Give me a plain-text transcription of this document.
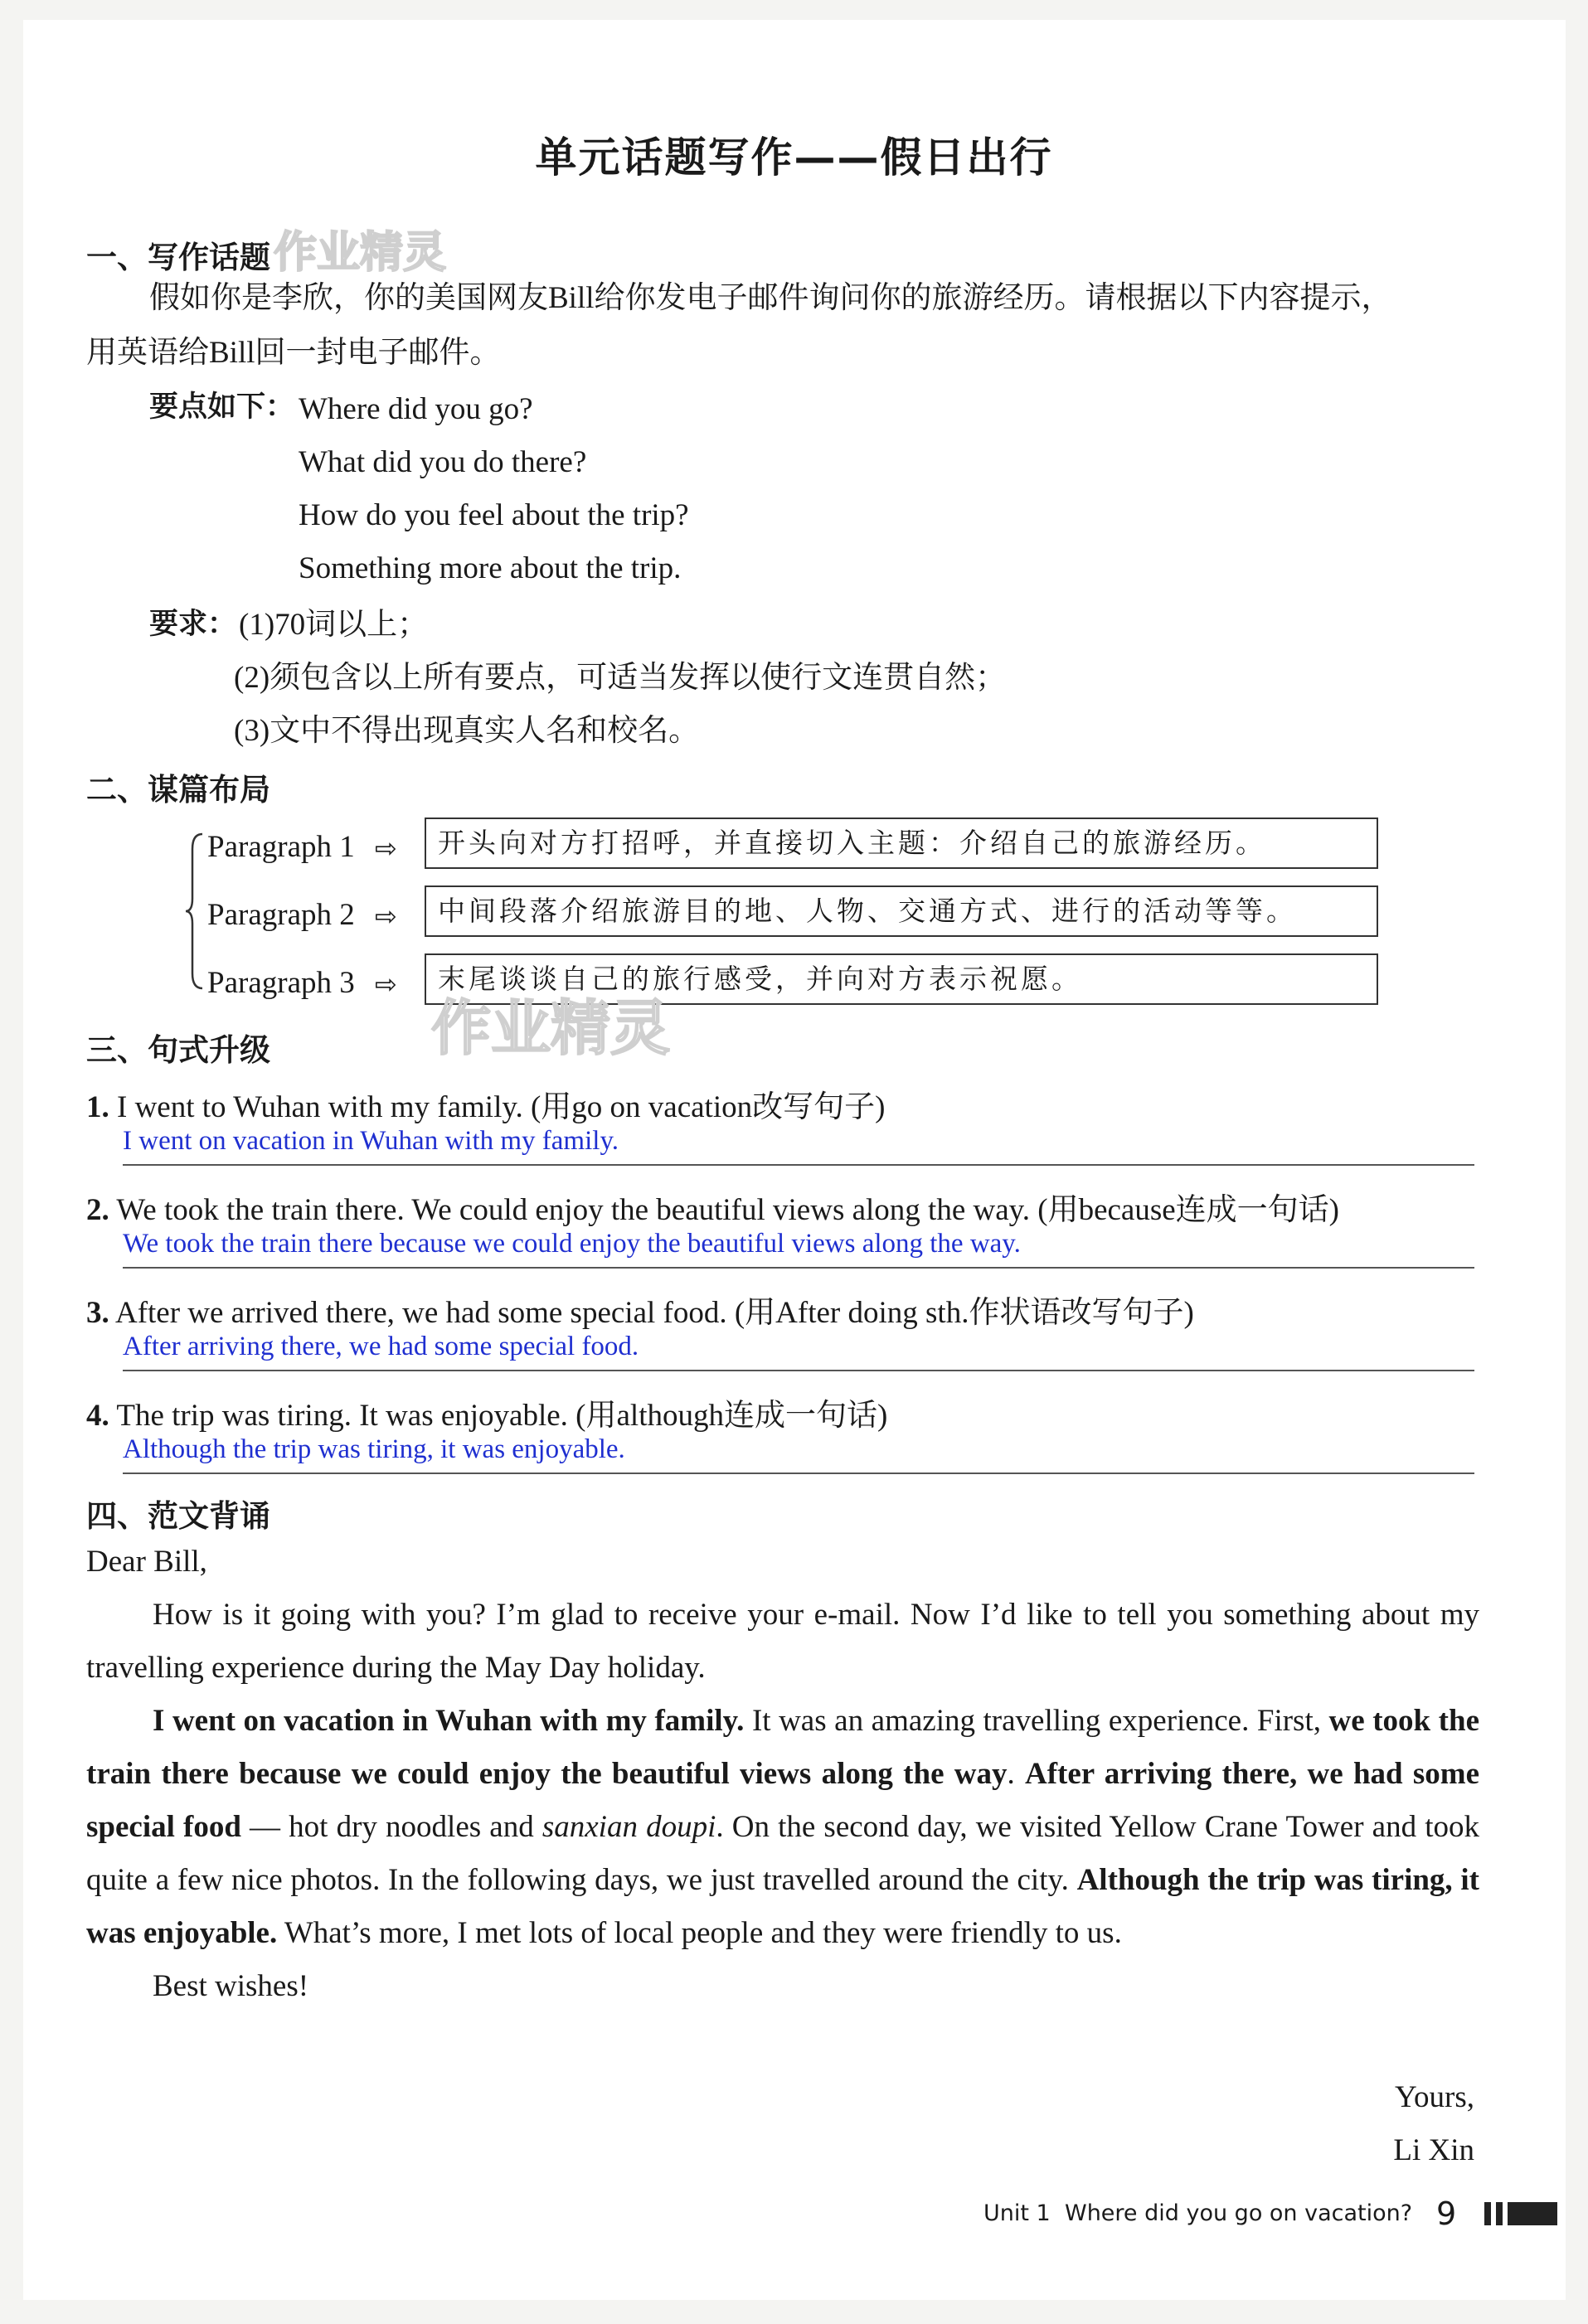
单元话题写作——假日出行
一、写作话题 作业精灵
假如你是李欣，你的美国网友Bill给你发电子邮件询问你的旅游经历。请根据以下内容提示，
用英语给Bill回一封电子邮件。
要点如下： Where did you go?
What did you do there?
How do you feel about the trip?
Something more about the trip.
要求： (1)70词以上；
(2)须包含以上所有要点，可适当发挥以使行文连贯自然；
(3)文中不得出现真实人名和校名。
二、谋篇布局
Paragraph 1 ⇨	开头向对方打招呼，并直接切入主题：介绍自己的旅游经历。
Paragraph 2 ⇨	中间段落介绍旅游目的地、人物、交通方式、进行的活动等等。
Paragraph 3 ⇨	末尾谈谈自己的旅行感受，并向对方表示祝愿。
作业精灵
三、句式升级
1. I went to Wuhan with my family. (用go on vacation改写句子)
I went on vacation in Wuhan with my family.
2. We took the train there. We could enjoy the beautiful views along the way. (用because连成一句话)
We took the train there because we could enjoy the beautiful views along the way.
3. After we arrived there, we had some special food. (用After doing sth.作状语改写句子)
After arriving there, we had some special food.
4. The trip was tiring. It was enjoyable. (用although连成一句话)
Although the trip was tiring, it was enjoyable.
四、范文背诵

Dear Bill,

How is it going with you? I’m glad to receive your e-mail. Now I’d like to tell you something about my travelling experience during the May Day holiday.

I went on vacation in Wuhan with my family. It was an amazing travelling experience. First, we took the train there because we could enjoy the beautiful views along the way. After arriving there, we had some special food — hot dry noodles and sanxian doupi. On the second day, we visited Yellow Crane Tower and took quite a few nice photos. In the following days, we just travelled around the city. Although the trip was tiring, it was enjoyable. What’s more, I met lots of local people and they were friendly to us.

Best wishes!

Yours,
Li Xin
Unit 1 Where did you go on vacation? 9
